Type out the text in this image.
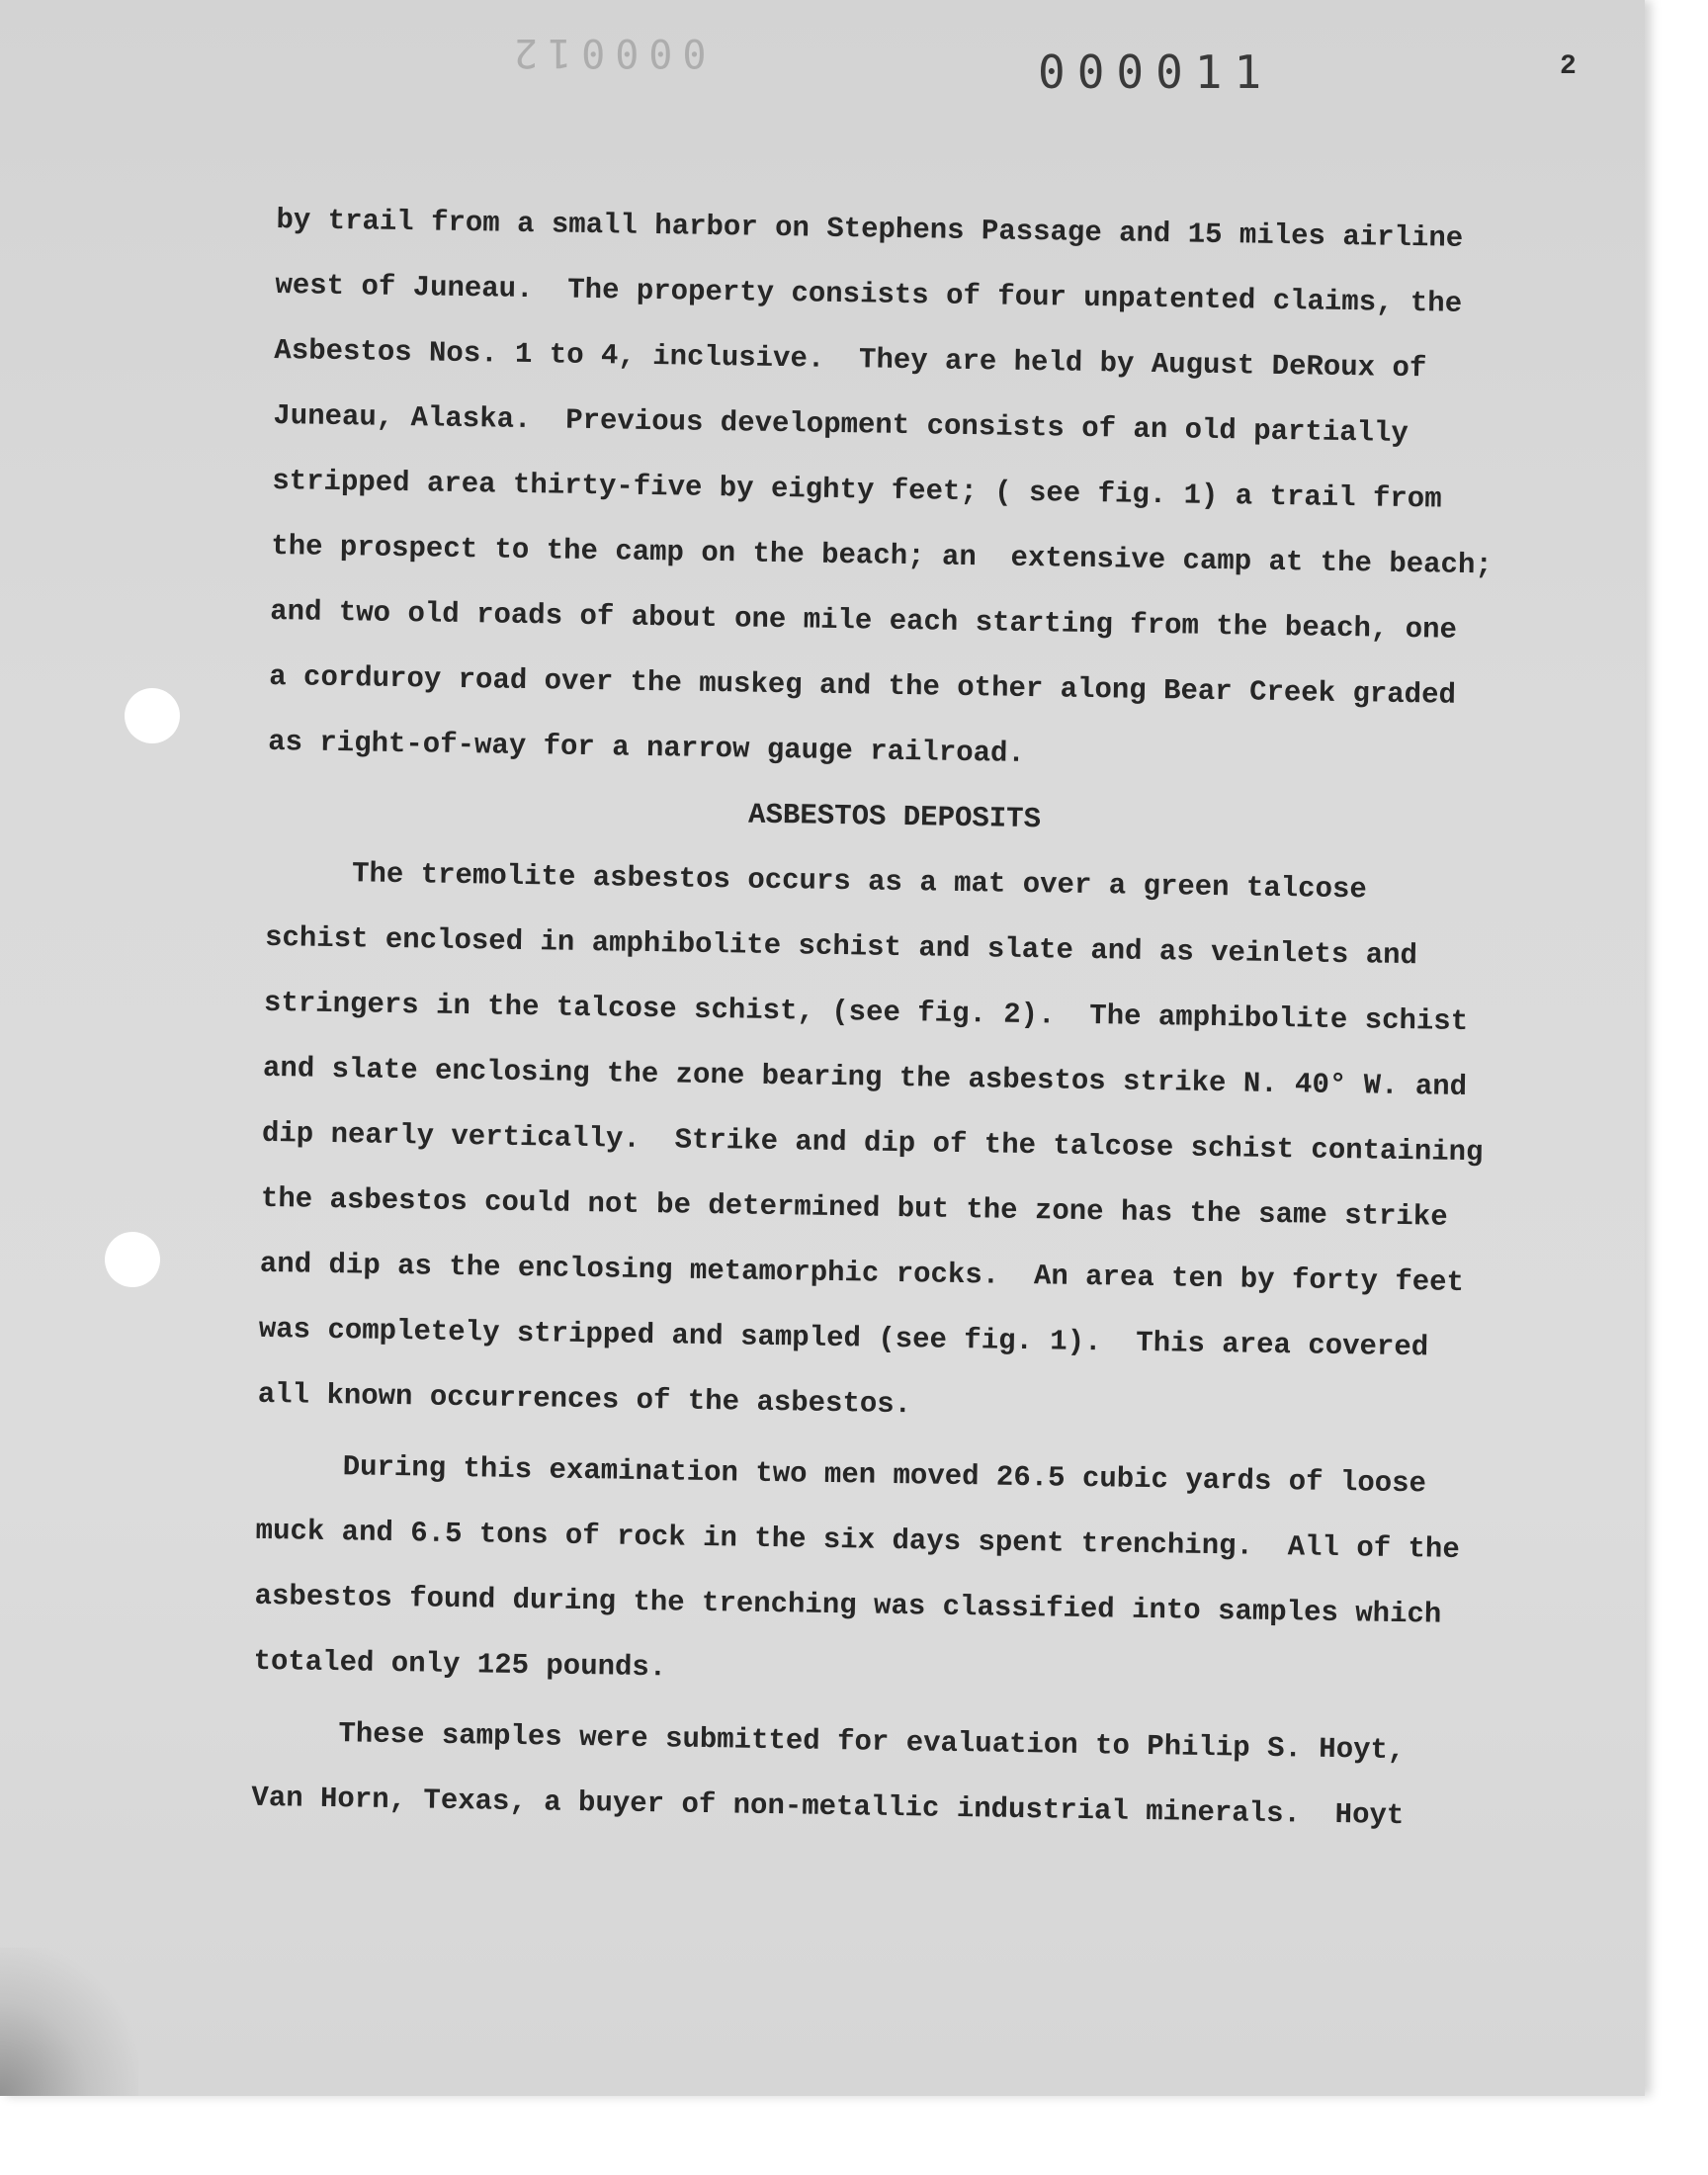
000012	000011	2
by trail from a small harbor on Stephens Passage and 15 miles airline
west of Juneau.  The property consists of four unpatented claims, the
Asbestos Nos. 1 to 4, inclusive.  They are held by August DeRoux of
Juneau, Alaska.  Previous development consists of an old partially
stripped area thirty-five by eighty feet; ( see fig. 1) a trail from
the prospect to the camp on the beach; an  extensive camp at the beach;
and two old roads of about one mile each starting from the beach, one
a corduroy road over the muskeg and the other along Bear Creek graded
as right-of-way for a narrow gauge railroad.
ASBESTOS DEPOSITS
The tremolite asbestos occurs as a mat over a green talcose
schist enclosed in amphibolite schist and slate and as veinlets and
stringers in the talcose schist, (see fig. 2).  The amphibolite schist
and slate enclosing the zone bearing the asbestos strike N. 40° W. and
dip nearly vertically.  Strike and dip of the talcose schist containing
the asbestos could not be determined but the zone has the same strike
and dip as the enclosing metamorphic rocks.  An area ten by forty feet
was completely stripped and sampled (see fig. 1).  This area covered
all known occurrences of the asbestos.
During this examination two men moved 26.5 cubic yards of loose
muck and 6.5 tons of rock in the six days spent trenching.  All of the
asbestos found during the trenching was classified into samples which
totaled only 125 pounds.
These samples were submitted for evaluation to Philip S. Hoyt,
Van Horn, Texas, a buyer of non-metallic industrial minerals.  Hoyt
